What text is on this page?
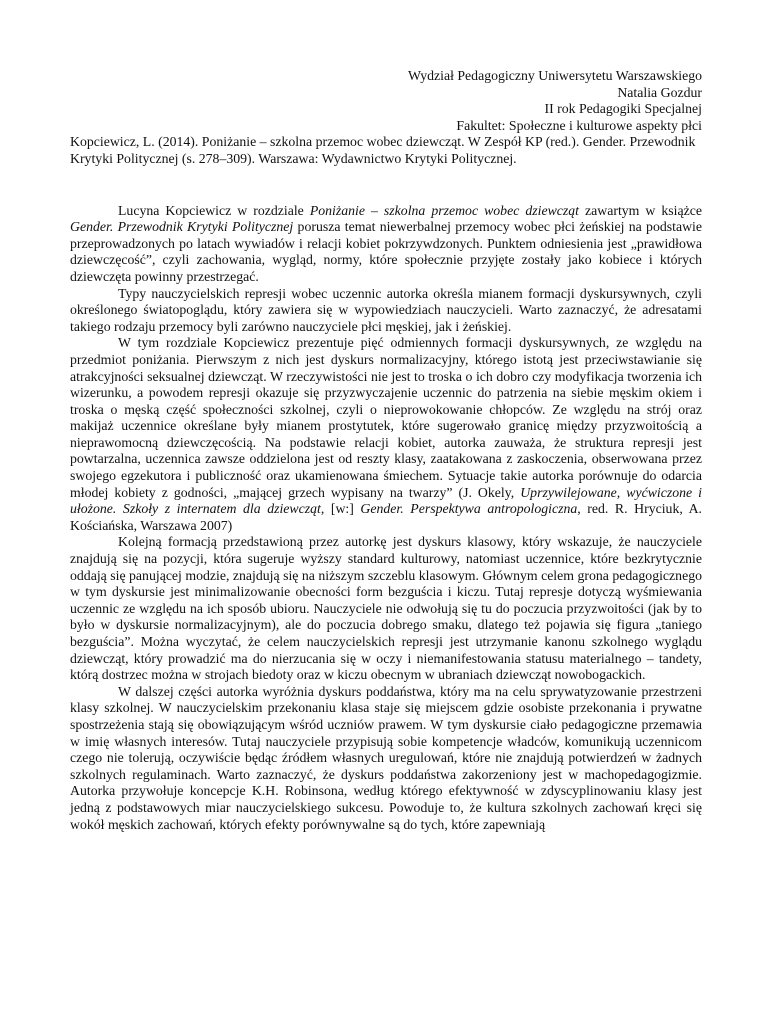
Wydział Pedagogiczny Uniwersytetu Warszawskiego
Natalia Gozdur
II rok Pedagogiki Specjalnej
Fakultet: Społeczne i kulturowe aspekty płci
Kopciewicz, L. (2014). Poniżanie – szkolna przemoc wobec dziewcząt. W Zespół KP (red.). Gender. Przewodnik Krytyki Politycznej (s. 278–309). Warszawa: Wydawnictwo Krytyki Politycznej.

Lucyna Kopciewicz w rozdziale Poniżanie – szkolna przemoc wobec dziewcząt zawartym w książce Gender. Przewodnik Krytyki Politycznej porusza temat niewerbalnej przemocy wobec płci żeńskiej na podstawie przeprowadzonych po latach wywiadów i relacji kobiet pokrzywdzonych. Punktem odniesienia jest „prawidłowa dziewczęcość”, czyli zachowania, wygląd, normy, które społecznie przyjęte zostały jako kobiece i których dziewczęta powinny przestrzegać.

Typy nauczycielskich represji wobec uczennic autorka określa mianem formacji dyskursywnych, czyli określonego światopoglądu, który zawiera się w wypowiedziach nauczycieli. Warto zaznaczyć, że adresatami takiego rodzaju przemocy byli zarówno nauczyciele płci męskiej, jak i żeńskiej.

W tym rozdziale Kopciewicz prezentuje pięć odmiennych formacji dyskursywnych, ze względu na przedmiot poniżania. Pierwszym z nich jest dyskurs normalizacyjny, którego istotą jest przeciwstawianie się atrakcyjności seksualnej dziewcząt. W rzeczywistości nie jest to troska o ich dobro czy modyfikacja tworzenia ich wizerunku, a powodem represji okazuje się przyzwyczajenie uczennic do patrzenia na siebie męskim okiem i troska o męską część społeczności szkolnej, czyli o nieprowokowanie chłopców. Ze względu na strój oraz makijaż uczennice określane były mianem prostytutek, które sugerowało granicę między przyzwoitością a nieprawomocną dziewczęcością. Na podstawie relacji kobiet, autorka zauważa, że struktura represji jest powtarzalna, uczennica zawsze oddzielona jest od reszty klasy, zaatakowana z zaskoczenia, obserwowana przez swojego egzekutora i publiczność oraz ukamienowana śmiechem. Sytuacje takie autorka porównuje do odarcia młodej kobiety z godności, „mającej grzech wypisany na twarzy” (J. Okely, Uprzywilejowane, wyćwiczone i ułożone. Szkoły z internatem dla dziewcząt, [w:] Gender. Perspektywa antropologiczna, red. R. Hryciuk, A. Kościańska, Warszawa 2007)

Kolejną formacją przedstawioną przez autorkę jest dyskurs klasowy, który wskazuje, że nauczyciele znajdują się na pozycji, która sugeruje wyższy standard kulturowy, natomiast uczennice, które bezkrytycznie oddają się panującej modzie, znajdują się na niższym szczeblu klasowym. Głównym celem grona pedagogicznego w tym dyskursie jest minimalizowanie obecności form bezguścia i kiczu. Tutaj represje dotyczą wyśmiewania uczennic ze względu na ich sposób ubioru. Nauczyciele nie odwołują się tu do poczucia przyzwoitości (jak by to było w dyskursie normalizacyjnym), ale do poczucia dobrego smaku, dlatego też pojawia się figura „taniego bezguścia”. Można wyczytać, że celem nauczycielskich represji jest utrzymanie kanonu szkolnego wyglądu dziewcząt, który prowadzić ma do nierzucania się w oczy i niemanifestowania statusu materialnego – tandety, którą dostrzec można w strojach biedoty oraz w kiczu obecnym w ubraniach dziewcząt nowobogackich.

W dalszej części autorka wyróżnia dyskurs poddaństwa, który ma na celu sprywatyzowanie przestrzeni klasy szkolnej. W nauczycielskim przekonaniu klasa staje się miejscem gdzie osobiste przekonania i prywatne spostrzeżenia stają się obowiązującym wśród uczniów prawem. W tym dyskursie ciało pedagogiczne przemawia w imię własnych interesów. Tutaj nauczyciele przypisują sobie kompetencje władców, komunikują uczennicom czego nie tolerują, oczywiście będąc źródłem własnych uregulowań, które nie znajdują potwierdzeń w żadnych szkolnych regulaminach. Warto zaznaczyć, że dyskurs poddaństwa zakorzeniony jest w machopedagogizmie. Autorka przywołuje koncepcje K.H. Robinsona, według którego efektywność w zdyscyplinowaniu klasy jest jedną z podstawowych miar nauczycielskiego sukcesu. Powoduje to, że kultura szkolnych zachowań kręci się wokół męskich zachowań, których efekty porównywalne są do tych, które zapewniają
